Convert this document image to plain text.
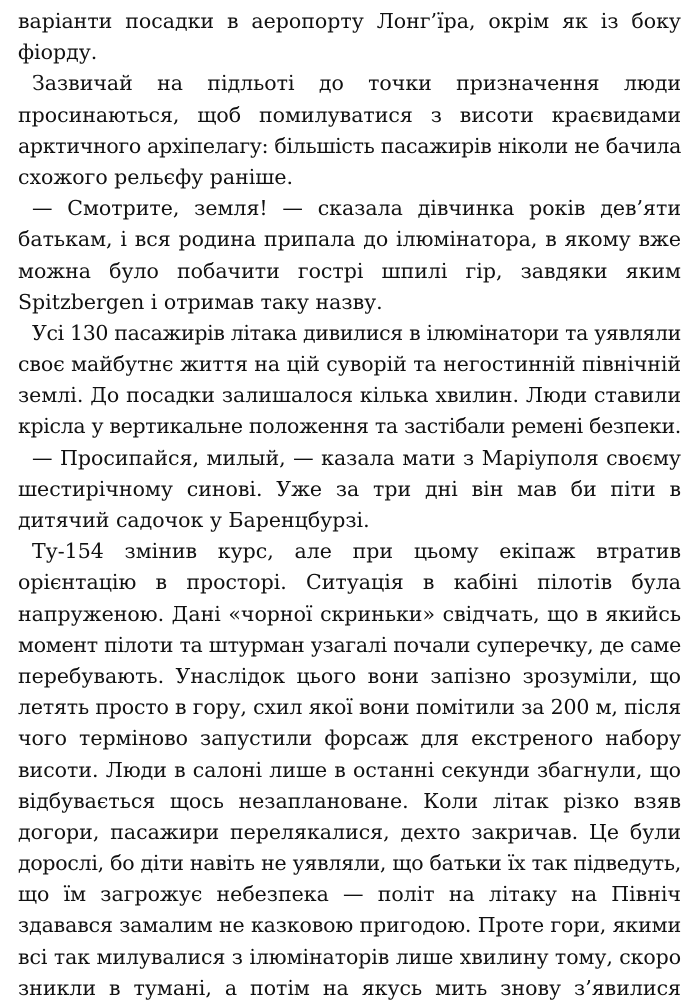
варіанти посадки в аеропорту Лонг’їра, окрім як із боку
фіорду.
Зазвичай на підльоті до точки призначення люди
просинаються, щоб помилуватися з висоти краєвидами
арктичного архіпелагу: більшість пасажирів ніколи не бачила
схожого рельєфу раніше.
— Смотрите, земля! — сказала дівчинка років дев’яти
батькам, і вся родина припала до ілюмінатора, в якому вже
можна було побачити гострі шпилі гір, завдяки яким
Spitzbergen і отримав таку назву.
Усі 130 пасажирів літака дивилися в ілюмінатори та уявляли
своє майбутнє життя на цій суворій та негостинній північній
землі. До посадки залишалося кілька хвилин. Люди ставили
крісла у вертикальне положення та застібали ремені безпеки.
— Просипайся, милый, — казала мати з Маріуполя своєму
шестирічному синові. Уже за три дні він мав би піти в
дитячий садочок у Баренцбурзі.
Ту-154 змінив курс, але при цьому екіпаж втратив
орієнтацію в просторі. Ситуація в кабіні пілотів була
напруженою. Дані «чорної скриньки» свідчать, що в якийсь
момент пілоти та штурман узагалі почали суперечку, де саме
перебувають. Унаслідок цього вони запізно зрозуміли, що
летять просто в гору, схил якої вони помітили за 200 м, після
чого терміново запустили форсаж для екстреного набору
висоти. Люди в салоні лише в останні секунди збагнули, що
відбувається щось незаплановане. Коли літак різко взяв
догори, пасажири перелякалися, дехто закричав. Це були
дорослі, бо діти навіть не уявляли, що батьки їх так підведуть,
що їм загрожує небезпека — політ на літаку на Північ
здавався замалим не казковою пригодою. Проте гори, якими
всі так милувалися з ілюмінаторів лише хвилину тому, скоро
зникли в тумані, а потім на якусь мить знову з’явилися
